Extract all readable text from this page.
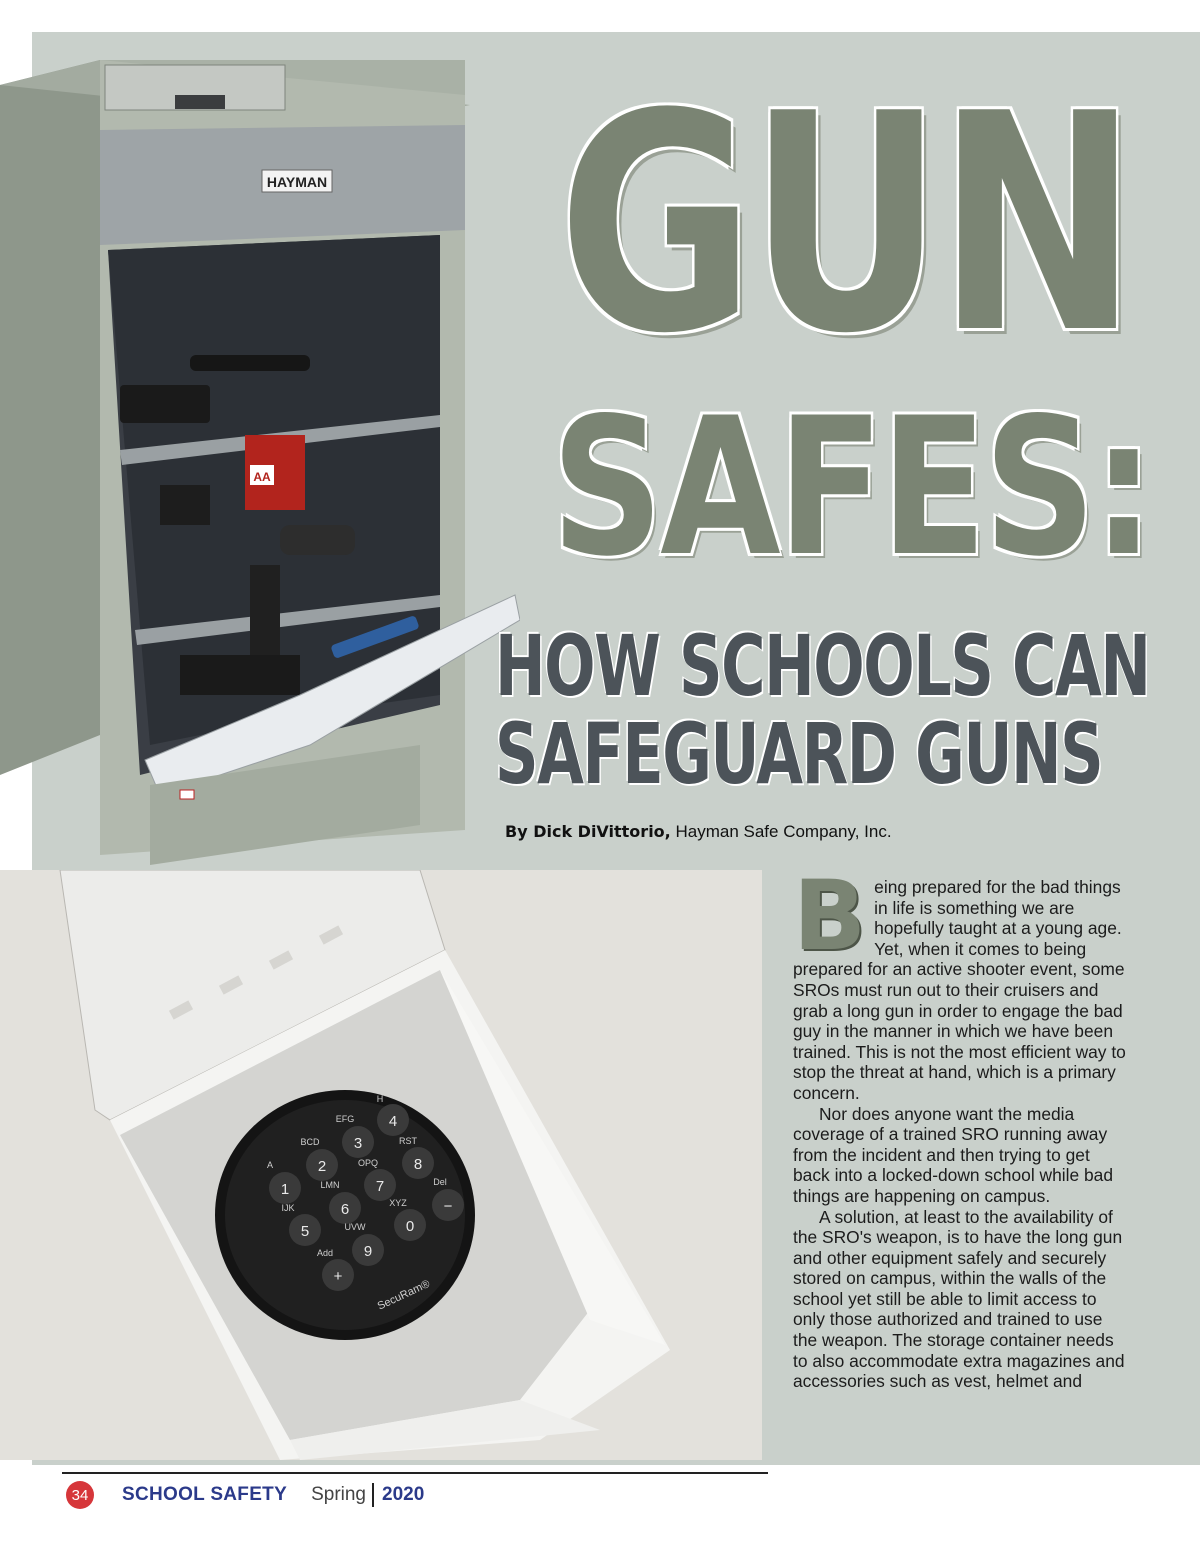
HAYMAN
AA
GUN
SAFES:
HOW SCHOOLS CAN
SAFEGUARD GUNS
By Dick DiVittorio, Hayman Safe Company, Inc.
1
2
3
4
5
6
7
8
9
0
+
−
A
BCD
EFG
H
IJK
LMN
OPQ
RST
UVW
XYZ
Add
Del
SecuRam®

Being prepared for the bad things in life is something we are hopefully taught at a young age. Yet, when it comes to being prepared for an active shooter event, some SROs must run out to their cruisers and grab a long gun in order to engage the bad guy in the manner in which we have been trained. This is not the most efficient way to stop the threat at hand, which is a primary concern.

Nor does anyone want the media coverage of a trained SRO running away from the incident and then trying to get back into a locked-down school while bad things are happening on campus.

A solution, at least to the availability of the SRO's weapon, is to have the long gun and other equipment safely and securely stored on campus, within the walls of the school yet still be able to limit access to only those authorized and trained to use the weapon. The storage container needs to also accommodate extra magazines and accessories such as vest, helmet and

34 SCHOOL SAFETY Spring 2020
